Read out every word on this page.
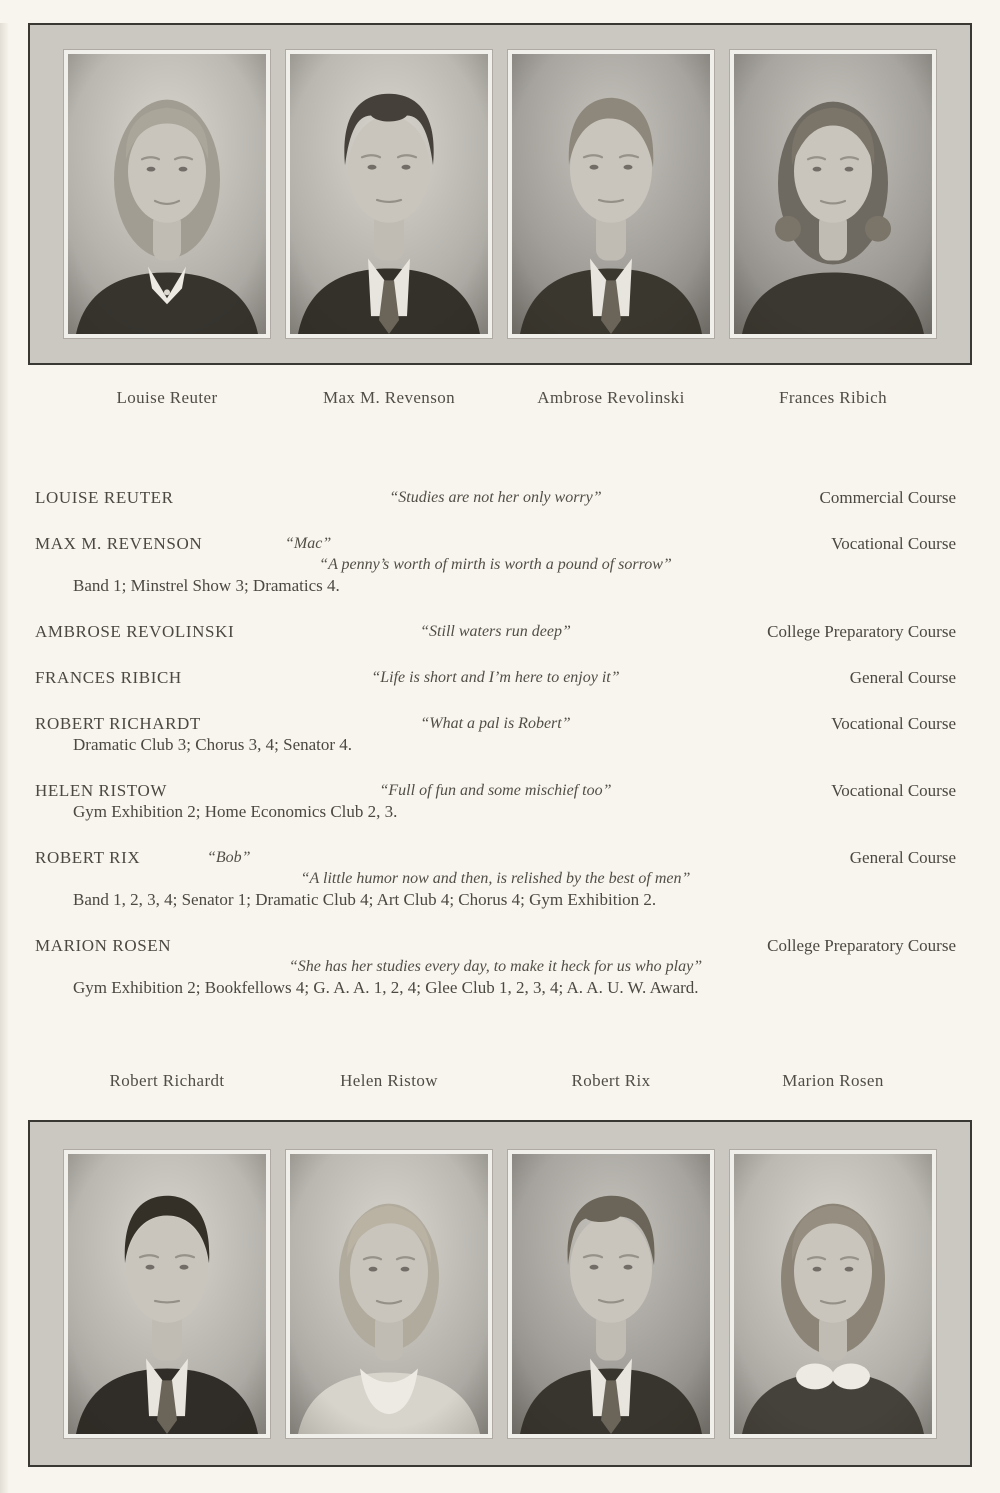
Louise Reuter	Max M. Revenson	Ambrose Revolinski	Frances Ribich
LOUISE REUTER	“Studies are not her only worry”	Commercial Course
MAX M. REVENSON	“Mac”	Vocational Course
“A penny’s worth of mirth is worth a pound of sorrow”
Band 1; Minstrel Show 3; Dramatics 4.
AMBROSE REVOLINSKI	“Still waters run deep”	College Preparatory Course
FRANCES RIBICH	“Life is short and I’m here to enjoy it”	General Course
ROBERT RICHARDT	“What a pal is Robert”	Vocational Course
Dramatic Club 3; Chorus 3, 4; Senator 4.
HELEN RISTOW	“Full of fun and some mischief too”	Vocational Course
Gym Exhibition 2; Home Economics Club 2, 3.
ROBERT RIX	“Bob”	General Course
“A little humor now and then, is relished by the best of men”
Band 1, 2, 3, 4; Senator 1; Dramatic Club 4; Art Club 4; Chorus 4; Gym Exhibition 2.
MARION ROSEN	College Preparatory Course
“She has her studies every day, to make it heck for us who play”
Gym Exhibition 2; Bookfellows 4; G. A. A. 1, 2, 4; Glee Club 1, 2, 3, 4; A. A. U. W. Award.
Robert Richardt	Helen Ristow	Robert Rix	Marion Rosen
